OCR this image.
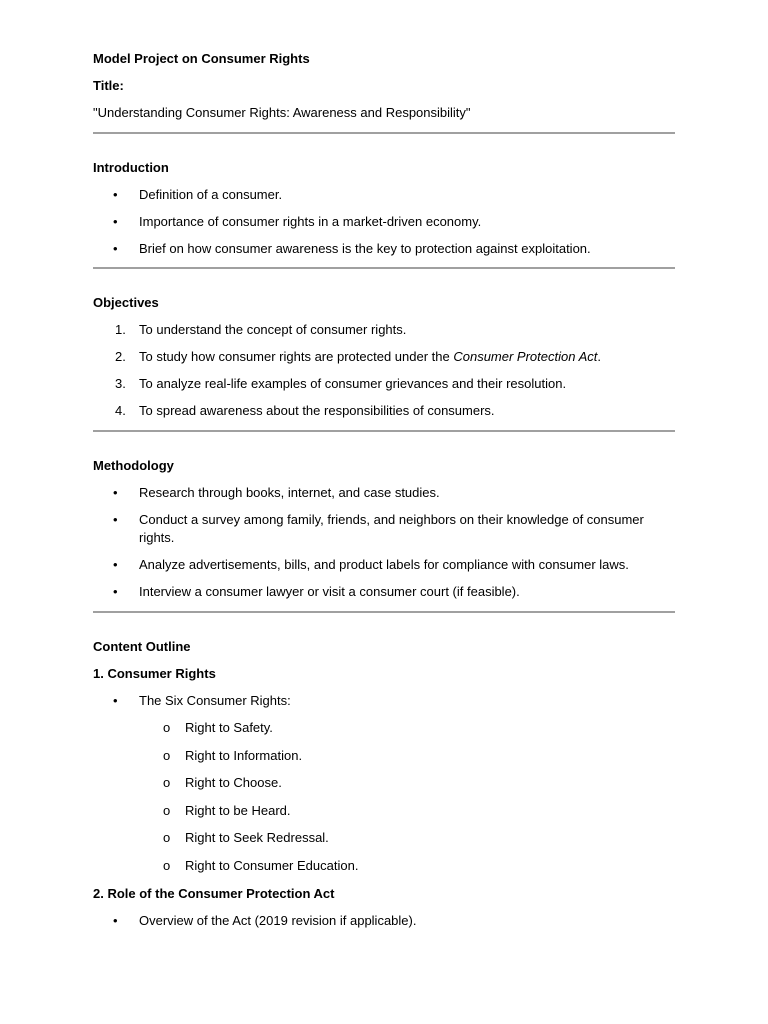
Model Project on Consumer Rights

Title:

"Understanding Consumer Rights: Awareness and Responsibility"

Introduction

• Definition of a consumer.
• Importance of consumer rights in a market-driven economy.
• Brief on how consumer awareness is the key to protection against exploitation.

Objectives

1. To understand the concept of consumer rights.
2. To study how consumer rights are protected under the Consumer Protection Act.
3. To analyze real-life examples of consumer grievances and their resolution.
4. To spread awareness about the responsibilities of consumers.

Methodology

• Research through books, internet, and case studies.
• Conduct a survey among family, friends, and neighbors on their knowledge of consumer rights.
• Analyze advertisements, bills, and product labels for compliance with consumer laws.
• Interview a consumer lawyer or visit a consumer court (if feasible).

Content Outline

1. Consumer Rights

• The Six Consumer Rights:
o Right to Safety.
o Right to Information.
o Right to Choose.
o Right to be Heard.
o Right to Seek Redressal.
o Right to Consumer Education.

2. Role of the Consumer Protection Act

• Overview of the Act (2019 revision if applicable).
